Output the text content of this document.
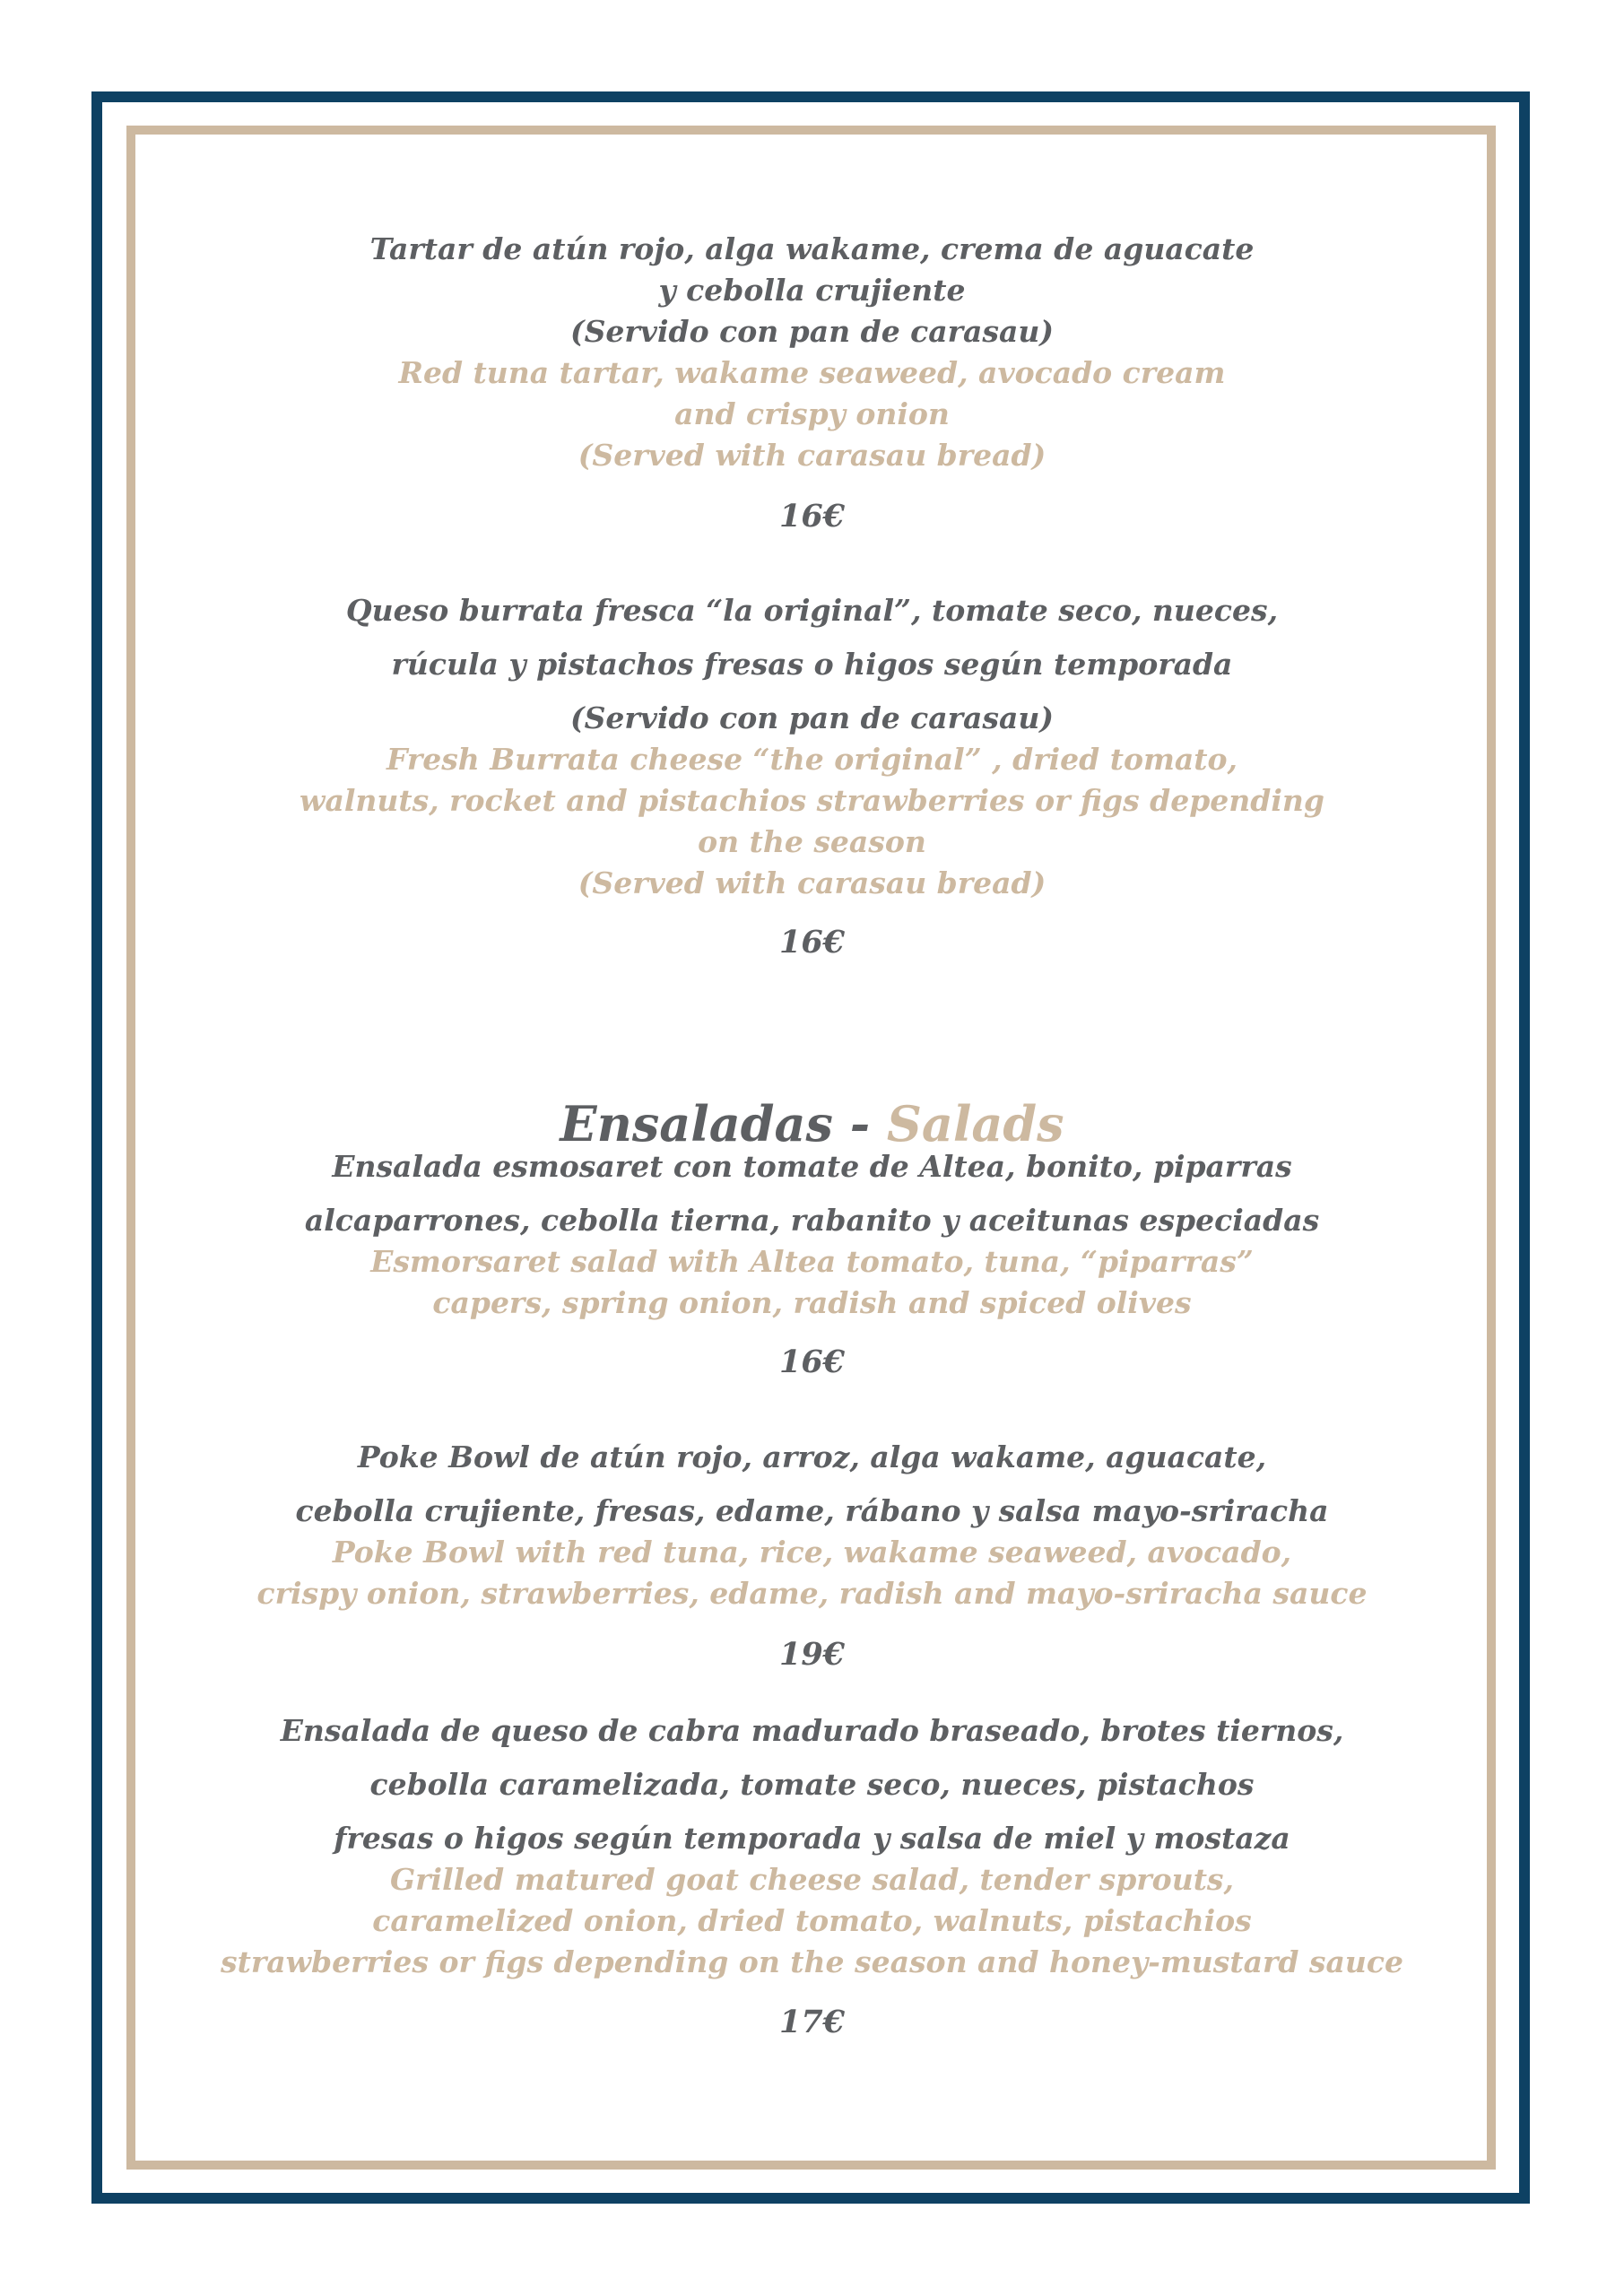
Tartar de atún rojo, alga wakame, crema de aguacate
y cebolla crujiente
(Servido con pan de carasau)
Red tuna tartar, wakame seaweed, avocado cream
and crispy onion
(Served with carasau bread)
16€
Queso burrata fresca “la original”, tomate seco, nueces,
rúcula y pistachos fresas o higos según temporada
(Servido con pan de carasau)
Fresh Burrata cheese “the original” , dried tomato,
walnuts, rocket and pistachios strawberries or figs depending
on the season
(Served with carasau bread)
16€
Ensaladas - Salads
Ensalada esmosaret con tomate de Altea, bonito, piparras
alcaparrones, cebolla tierna, rabanito y aceitunas especiadas
Esmorsaret salad with Altea tomato, tuna, “piparras”
capers, spring onion, radish and spiced olives
16€
Poke Bowl de atún rojo, arroz, alga wakame, aguacate,
cebolla crujiente, fresas, edame, rábano y salsa mayo-sriracha
Poke Bowl with red tuna, rice, wakame seaweed, avocado,
crispy onion, strawberries, edame, radish and mayo-sriracha sauce
19€
Ensalada de queso de cabra madurado braseado, brotes tiernos,
cebolla caramelizada, tomate seco, nueces, pistachos
fresas o higos según temporada y salsa de miel y mostaza
Grilled matured goat cheese salad, tender sprouts,
caramelized onion, dried tomato, walnuts, pistachios
strawberries or figs depending on the season and honey-mustard sauce
17€
